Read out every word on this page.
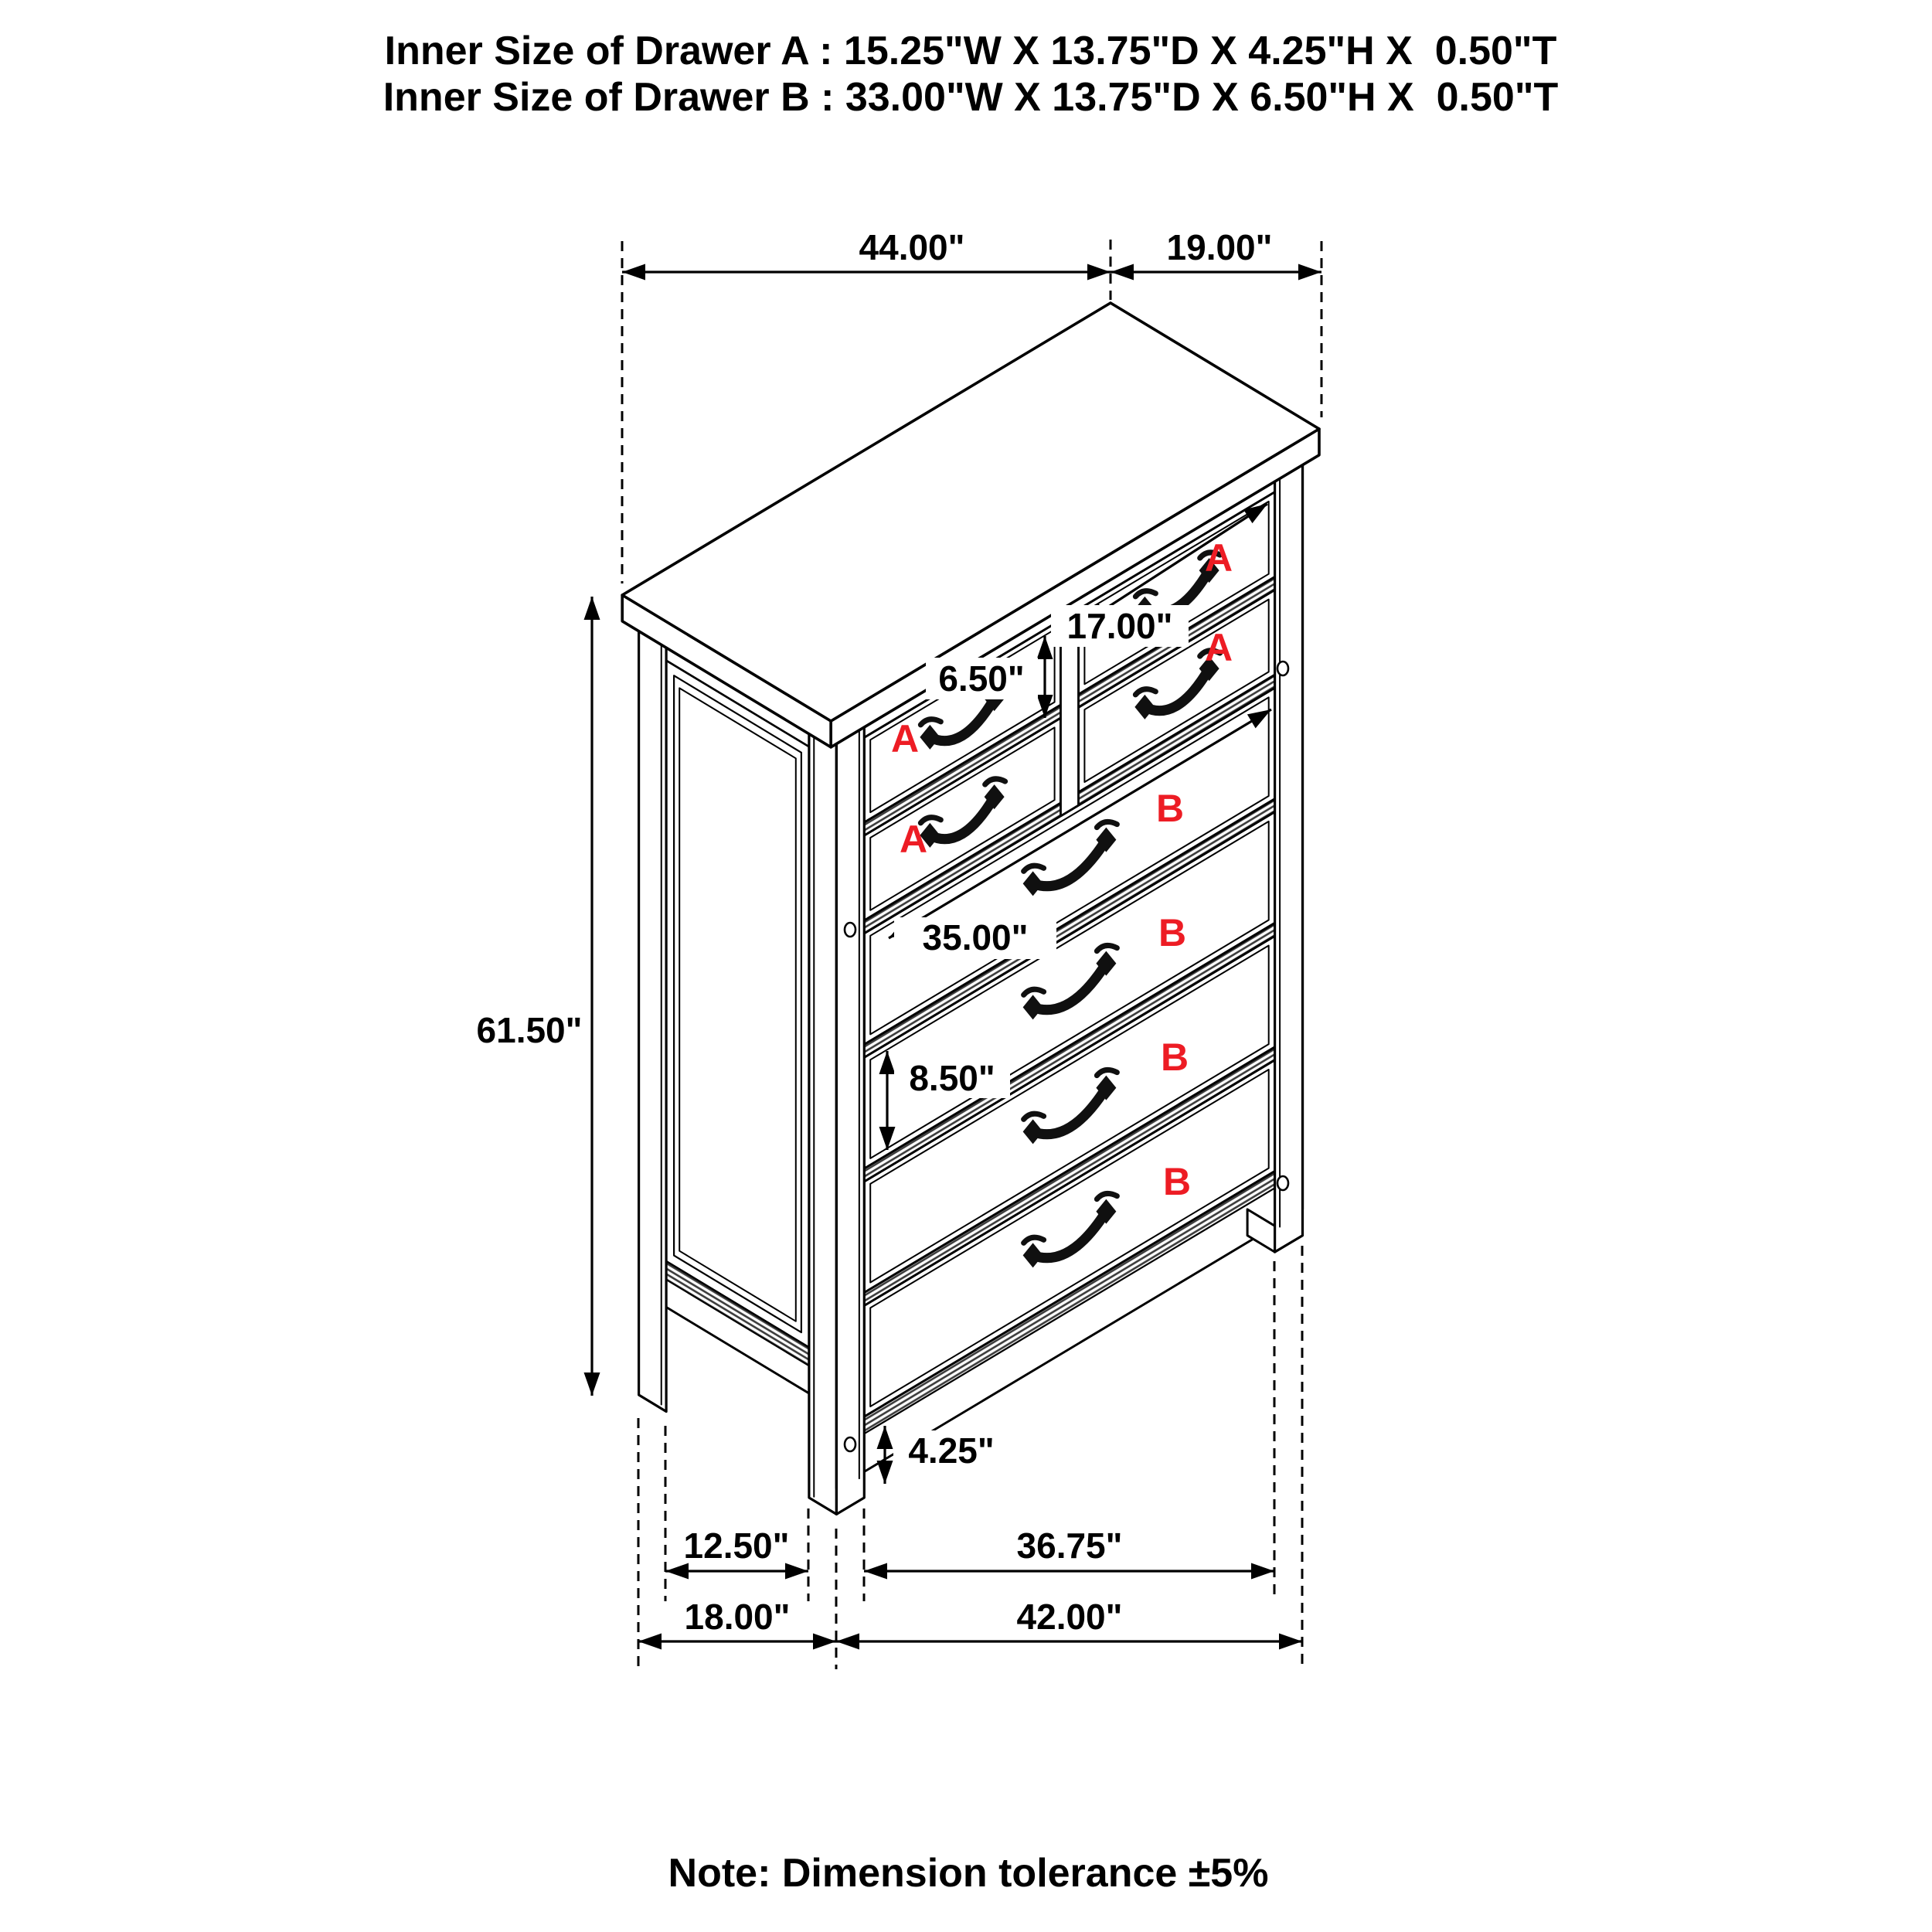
Inner Size of Drawer A : 15.25"W X 13.75"D X 4.25"H X  0.50"T
Inner Size of Drawer B : 33.00"W X 13.75"D X 6.50"H X  0.50"T
44.00"	19.00"
61.50"
6.50"
17.00"
35.00"
8.50"
4.25"
12.50"	36.75"
18.00"	42.00"
A
A
A
A
B
B
B
B
Note: Dimension tolerance ±5%
